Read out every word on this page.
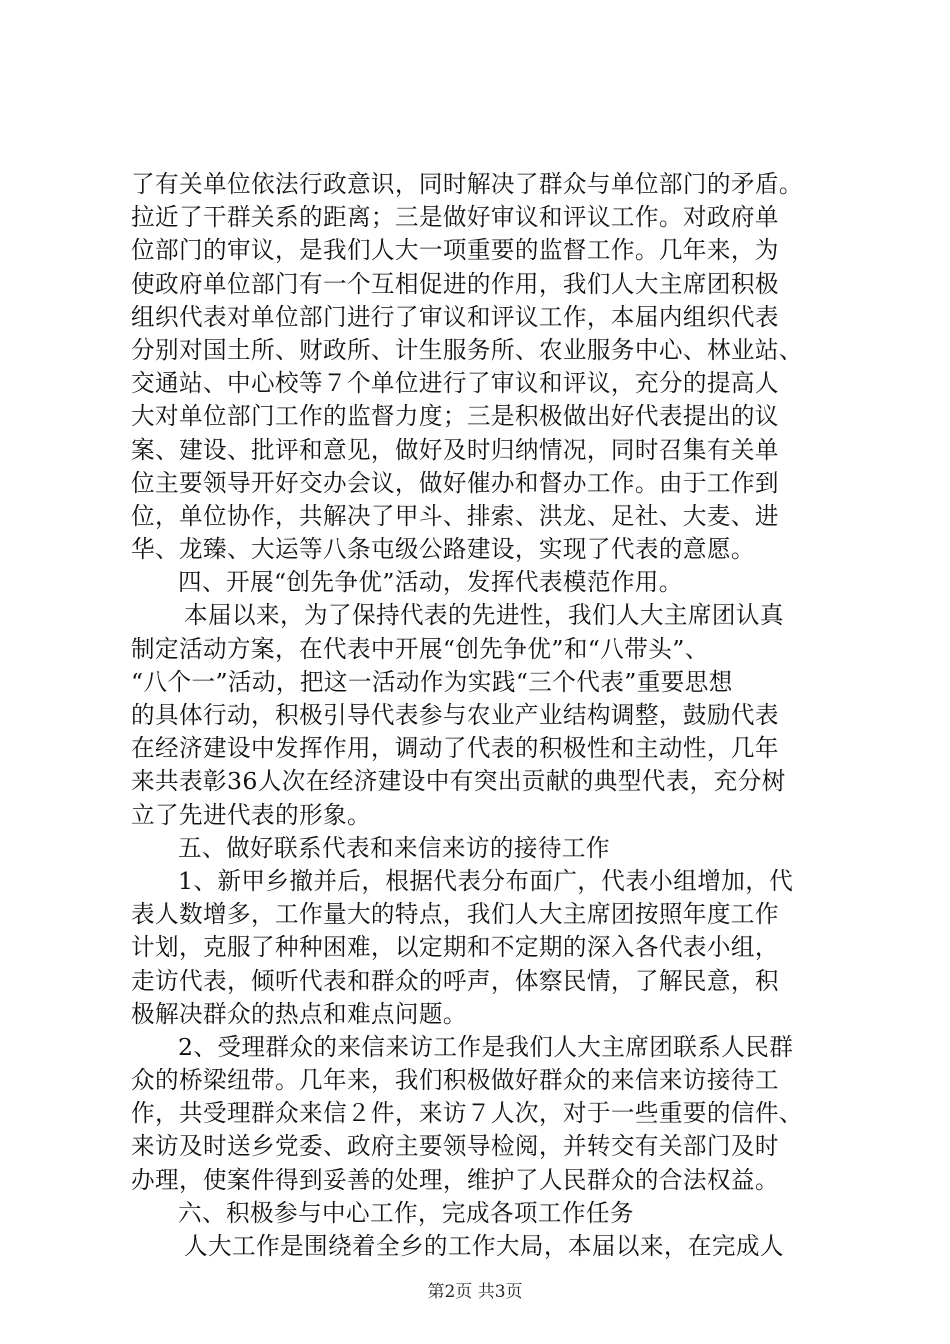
了有关单位依法行政意识，同时解决了群众与单位部门的矛盾。
拉近了干群关系的距离；三是做好审议和评议工作。对政府单
位部门的审议，是我们人大一项重要的监督工作。几年来，为
使政府单位部门有一个互相促进的作用，我们人大主席团积极
组织代表对单位部门进行了审议和评议工作，本届内组织代表
分别对国土所、财政所、计生服务所、农业服务中心、林业站、
交通站、中心校等７个单位进行了审议和评议，充分的提高人
大对单位部门工作的监督力度；三是积极做出好代表提出的议
案、建设、批评和意见，做好及时归纳情况，同时召集有关单
位主要领导开好交办会议，做好催办和督办工作。由于工作到
位，单位协作，共解决了甲斗、排索、洪龙、足社、大麦、进
华、龙臻、大运等八条屯级公路建设，实现了代表的意愿。
四、开展“创先争优”活动，发挥代表模范作用。
本届以来，为了保持代表的先进性，我们人大主席团认真
制定活动方案，在代表中开展“创先争优”和“八带头”、
“八个一”活动，把这一活动作为实践“三个代表”重要思想
的具体行动，积极引导代表参与农业产业结构调整，鼓励代表
在经济建设中发挥作用，调动了代表的积极性和主动性，几年
来共表彰36人次在经济建设中有突出贡献的典型代表，充分树
立了先进代表的形象。
五、做好联系代表和来信来访的接待工作
1、新甲乡撤并后，根据代表分布面广，代表小组增加，代
表人数增多，工作量大的特点，我们人大主席团按照年度工作
计划，克服了种种困难，以定期和不定期的深入各代表小组，
走访代表，倾听代表和群众的呼声，体察民情，了解民意，积
极解决群众的热点和难点问题。
2、受理群众的来信来访工作是我们人大主席团联系人民群
众的桥梁纽带。几年来，我们积极做好群众的来信来访接待工
作，共受理群众来信２件，来访７人次，对于一些重要的信件、
来访及时送乡党委、政府主要领导检阅，并转交有关部门及时
办理，使案件得到妥善的处理，维护了人民群众的合法权益。
六、积极参与中心工作，完成各项工作任务
人大工作是围绕着全乡的工作大局，本届以来，在完成人
第2页 共3页
